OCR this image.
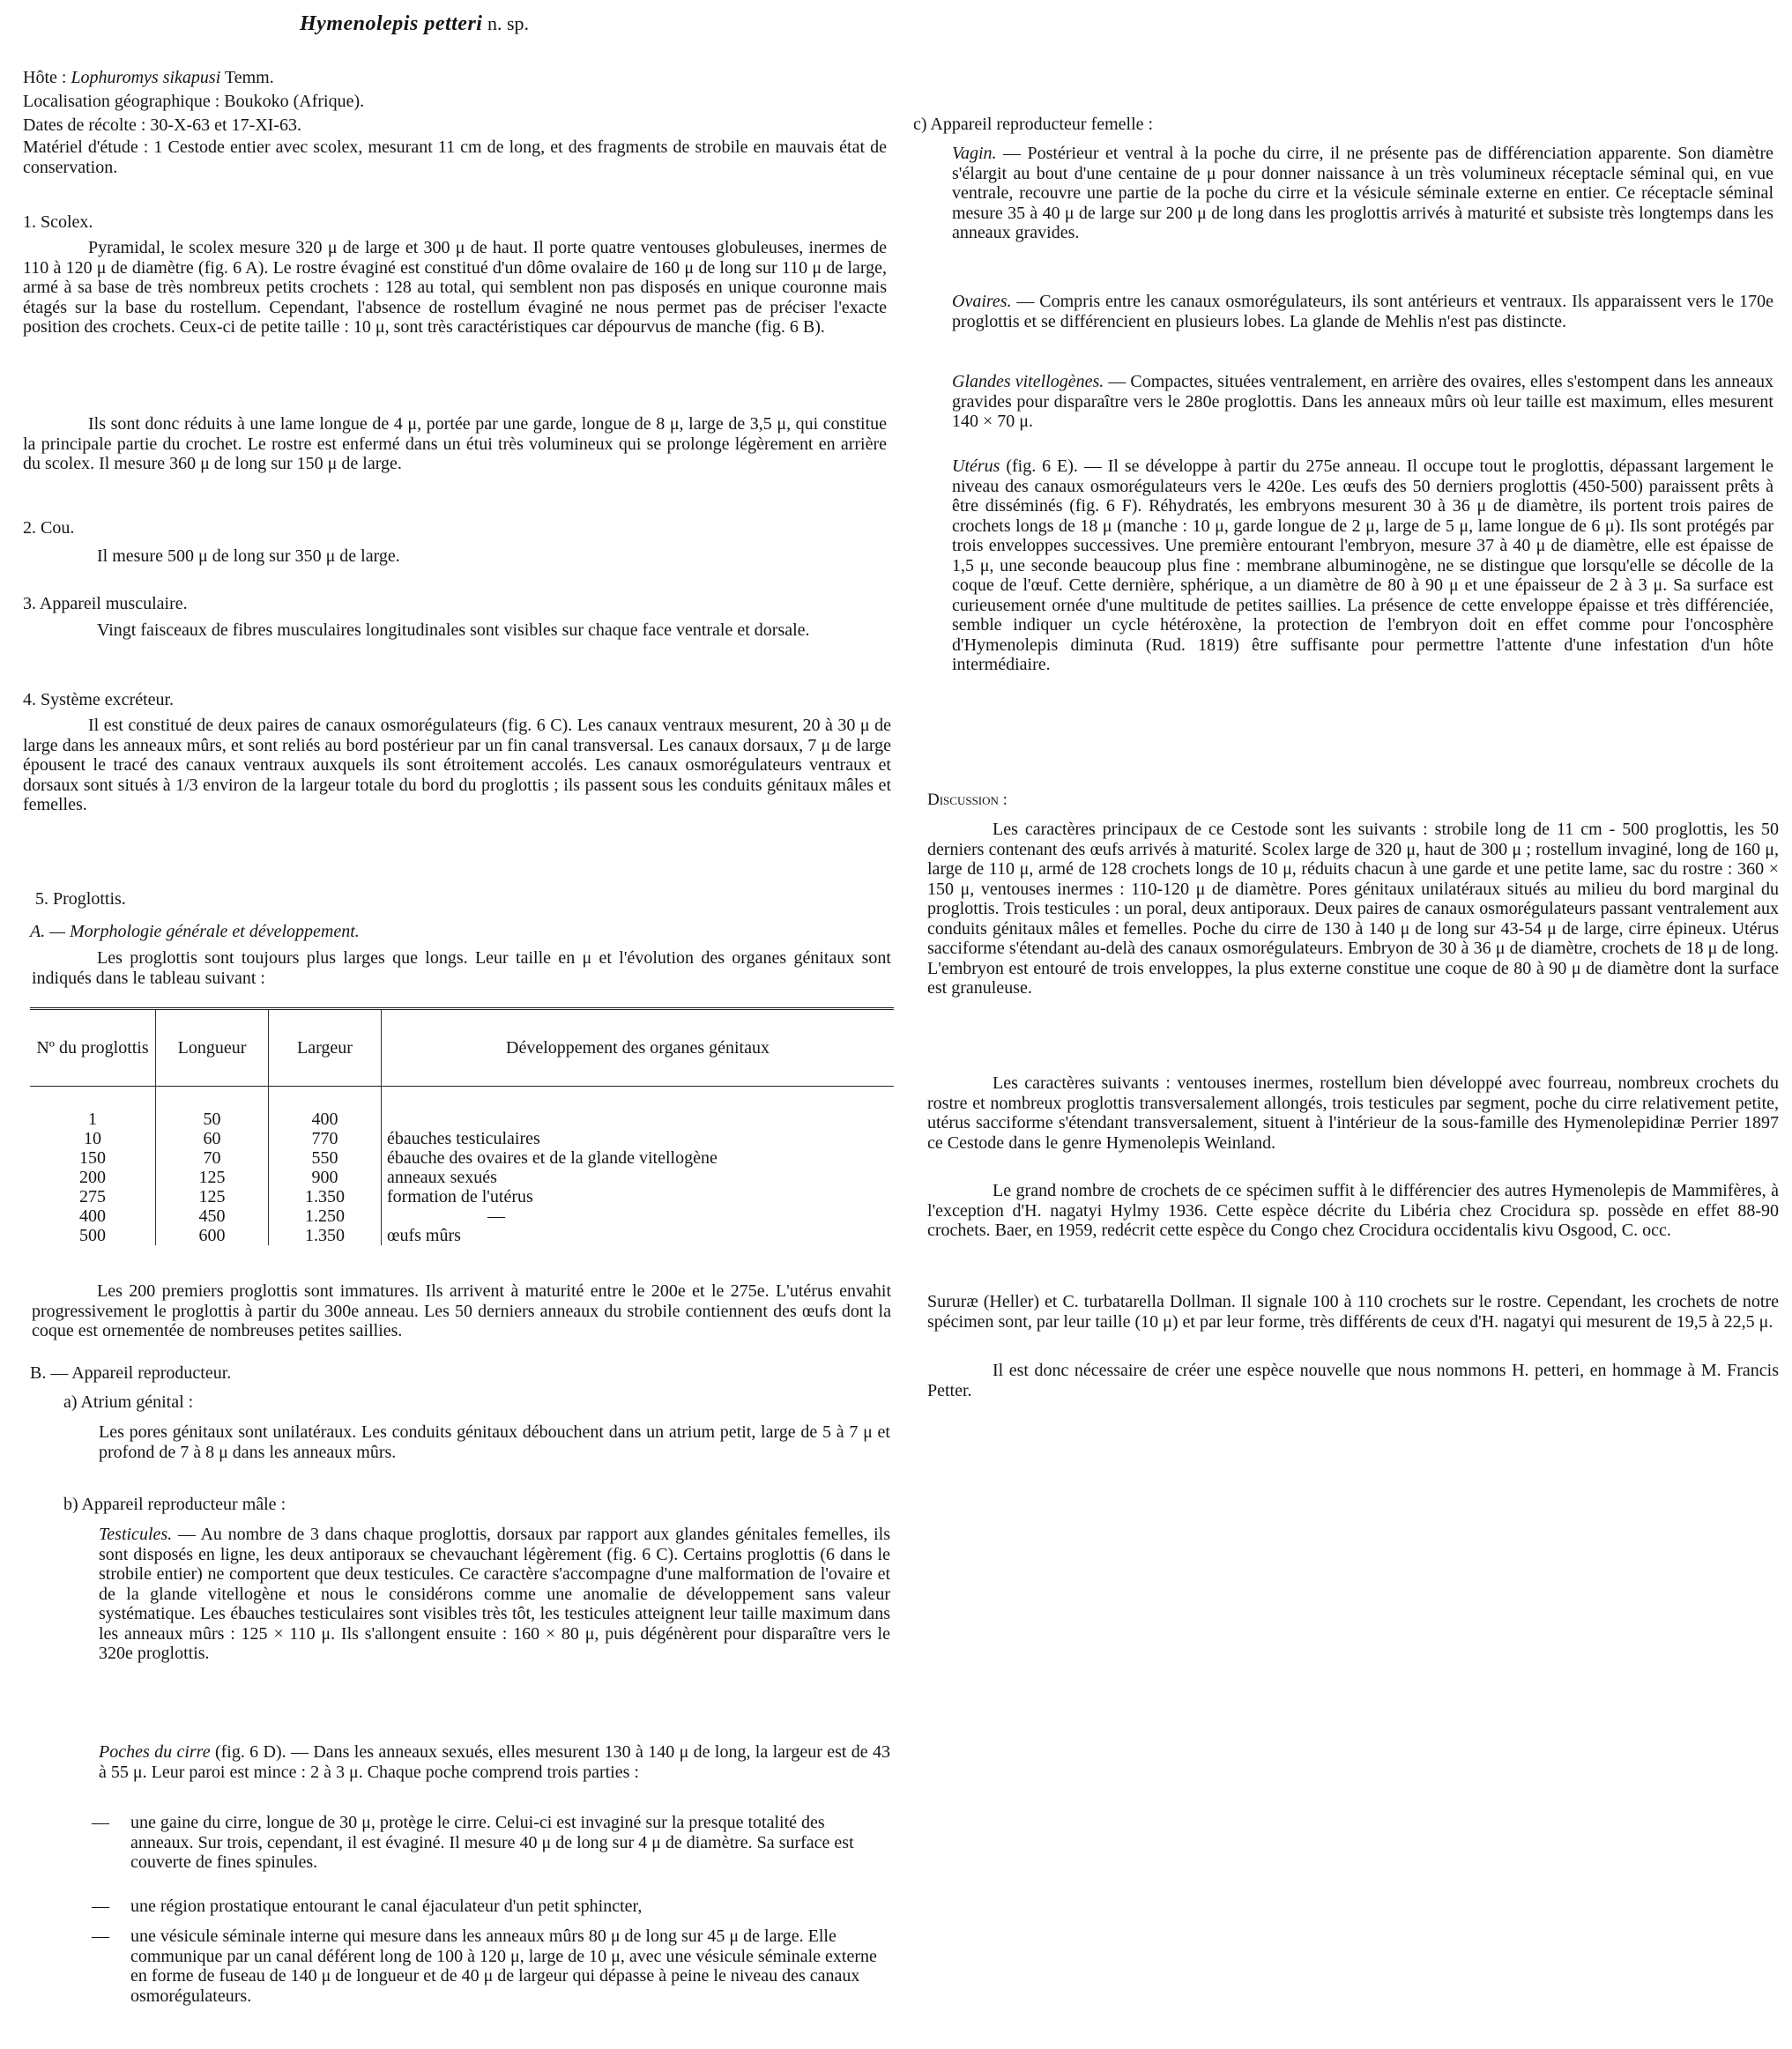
Hymenolepis petteri n. sp.

Hôte : Lophuromys sikapusi Temm.

Localisation géographique : Boukoko (Afrique).

Dates de récolte : 30-X-63 et 17-XI-63.

Matériel d'étude : 1 Cestode entier avec scolex, mesurant 11 cm de long, et des fragments de strobile en mauvais état de conservation.

1. Scolex.

Pyramidal, le scolex mesure 320 μ de large et 300 μ de haut. Il porte quatre ventouses globuleuses, inermes de 110 à 120 μ de diamètre (fig. 6 A). Le rostre évaginé est constitué d'un dôme ovalaire de 160 μ de long sur 110 μ de large, armé à sa base de très nombreux petits crochets : 128 au total, qui semblent non pas disposés en unique couronne mais étagés sur la base du rostellum. Cependant, l'absence de rostellum évaginé ne nous permet pas de préciser l'exacte position des crochets. Ceux-ci de petite taille : 10 μ, sont très caractéristiques car dépourvus de manche (fig. 6 B).

Ils sont donc réduits à une lame longue de 4 μ, portée par une garde, longue de 8 μ, large de 3,5 μ, qui constitue la principale partie du crochet. Le rostre est enfermé dans un étui très volumineux qui se prolonge légèrement en arrière du scolex. Il mesure 360 μ de long sur 150 μ de large.

2. Cou.

Il mesure 500 μ de long sur 350 μ de large.

3. Appareil musculaire.

Vingt faisceaux de fibres musculaires longitudinales sont visibles sur chaque face ventrale et dorsale.

4. Système excréteur.

Il est constitué de deux paires de canaux osmorégulateurs (fig. 6 C). Les canaux ventraux mesurent, 20 à 30 μ de large dans les anneaux mûrs, et sont reliés au bord postérieur par un fin canal transversal. Les canaux dorsaux, 7 μ de large épousent le tracé des canaux ventraux auxquels ils sont étroitement accolés. Les canaux osmorégulateurs ventraux et dorsaux sont situés à 1/3 environ de la largeur totale du bord du proglottis ; ils passent sous les conduits génitaux mâles et femelles.

5. Proglottis.

A. — Morphologie générale et développement.

Les proglottis sont toujours plus larges que longs. Leur taille en μ et l'évolution des organes génitaux sont indiqués dans le tableau suivant :

Nº du proglottis	Longueur	Largeur	Développement des organes génitaux

1	50	400	
10	60	770	ébauches testiculaires
150	70	550	ébauche des ovaires et de la glande vitellogène
200	125	900	anneaux sexués
275	125	1.350	formation de l'utérus
400	450	1.250	—
500	600	1.350	œufs mûrs

Les 200 premiers proglottis sont immatures. Ils arrivent à maturité entre le 200e et le 275e. L'utérus envahit progressivement le proglottis à partir du 300e anneau. Les 50 derniers anneaux du strobile contiennent des œufs dont la coque est ornementée de nombreuses petites saillies.

B. — Appareil reproducteur.

a) Atrium génital :

Les pores génitaux sont unilatéraux. Les conduits génitaux débouchent dans un atrium petit, large de 5 à 7 μ et profond de 7 à 8 μ dans les anneaux mûrs.

b) Appareil reproducteur mâle :

Testicules. — Au nombre de 3 dans chaque proglottis, dorsaux par rapport aux glandes génitales femelles, ils sont disposés en ligne, les deux antiporaux se chevauchant légèrement (fig. 6 C). Certains proglottis (6 dans le strobile entier) ne comportent que deux testicules. Ce caractère s'accompagne d'une malformation de l'ovaire et de la glande vitellogène et nous le considérons comme une anomalie de développement sans valeur systématique. Les ébauches testiculaires sont visibles très tôt, les testicules atteignent leur taille maximum dans les anneaux mûrs : 125 × 110 μ. Ils s'allongent ensuite : 160 × 80 μ, puis dégénèrent pour disparaître vers le 320e proglottis.

Poches du cirre (fig. 6 D). — Dans les anneaux sexués, elles mesurent 130 à 140 μ de long, la largeur est de 43 à 55 μ. Leur paroi est mince : 2 à 3 μ. Chaque poche comprend trois parties :

— une gaine du cirre, longue de 30 μ, protège le cirre. Celui-ci est invaginé sur la presque totalité des anneaux. Sur trois, cependant, il est évaginé. Il mesure 40 μ de long sur 4 μ de diamètre. Sa surface est couverte de fines spinules.

— une région prostatique entourant le canal éjaculateur d'un petit sphincter,

— une vésicule séminale interne qui mesure dans les anneaux mûrs 80 μ de long sur 45 μ de large. Elle communique par un canal déférent long de 100 à 120 μ, large de 10 μ, avec une vésicule séminale externe en forme de fuseau de 140 μ de longueur et de 40 μ de largeur qui dépasse à peine le niveau des canaux osmorégulateurs.

c) Appareil reproducteur femelle :

Vagin. — Postérieur et ventral à la poche du cirre, il ne présente pas de différenciation apparente. Son diamètre s'élargit au bout d'une centaine de μ pour donner naissance à un très volumineux réceptacle séminal qui, en vue ventrale, recouvre une partie de la poche du cirre et la vésicule séminale externe en entier. Ce réceptacle séminal mesure 35 à 40 μ de large sur 200 μ de long dans les proglottis arrivés à maturité et subsiste très longtemps dans les anneaux gravides.

Ovaires. — Compris entre les canaux osmorégulateurs, ils sont antérieurs et ventraux. Ils apparaissent vers le 170e proglottis et se différencient en plusieurs lobes. La glande de Mehlis n'est pas distincte.

Glandes vitellogènes. — Compactes, situées ventralement, en arrière des ovaires, elles s'estompent dans les anneaux gravides pour disparaître vers le 280e proglottis. Dans les anneaux mûrs où leur taille est maximum, elles mesurent 140 × 70 μ.

Utérus (fig. 6 E). — Il se développe à partir du 275e anneau. Il occupe tout le proglottis, dépassant largement le niveau des canaux osmorégulateurs vers le 420e. Les œufs des 50 derniers proglottis (450-500) paraissent prêts à être disséminés (fig. 6 F). Réhydratés, les embryons mesurent 30 à 36 μ de diamètre, ils portent trois paires de crochets longs de 18 μ (manche : 10 μ, garde longue de 2 μ, large de 5 μ, lame longue de 6 μ). Ils sont protégés par trois enveloppes successives. Une première entourant l'embryon, mesure 37 à 40 μ de diamètre, elle est épaisse de 1,5 μ, une seconde beaucoup plus fine : membrane albuminogène, ne se distingue que lorsqu'elle se décolle de la coque de l'œuf. Cette dernière, sphérique, a un diamètre de 80 à 90 μ et une épaisseur de 2 à 3 μ. Sa surface est curieusement ornée d'une multitude de petites saillies. La présence de cette enveloppe épaisse et très différenciée, semble indiquer un cycle hétéroxène, la protection de l'embryon doit en effet comme pour l'oncosphère d'Hymenolepis diminuta (Rud. 1819) être suffisante pour permettre l'attente d'une infestation d'un hôte intermédiaire.

Discussion :

Les caractères principaux de ce Cestode sont les suivants : strobile long de 11 cm - 500 proglottis, les 50 derniers contenant des œufs arrivés à maturité. Scolex large de 320 μ, haut de 300 μ ; rostellum invaginé, long de 160 μ, large de 110 μ, armé de 128 crochets longs de 10 μ, réduits chacun à une garde et une petite lame, sac du rostre : 360 × 150 μ, ventouses inermes : 110-120 μ de diamètre. Pores génitaux unilatéraux situés au milieu du bord marginal du proglottis. Trois testicules : un poral, deux antiporaux. Deux paires de canaux osmorégulateurs passant ventralement aux conduits génitaux mâles et femelles. Poche du cirre de 130 à 140 μ de long sur 43-54 μ de large, cirre épineux. Utérus sacciforme s'étendant au-delà des canaux osmorégulateurs. Embryon de 30 à 36 μ de diamètre, crochets de 18 μ de long. L'embryon est entouré de trois enveloppes, la plus externe constitue une coque de 80 à 90 μ de diamètre dont la surface est granuleuse.

Les caractères suivants : ventouses inermes, rostellum bien développé avec fourreau, nombreux crochets du rostre et nombreux proglottis transversalement allongés, trois testicules par segment, poche du cirre relativement petite, utérus sacciforme s'étendant transversalement, situent à l'intérieur de la sous-famille des Hymenolepidinæ Perrier 1897 ce Cestode dans le genre Hymenolepis Weinland.

Le grand nombre de crochets de ce spécimen suffit à le différencier des autres Hymenolepis de Mammifères, à l'exception d'H. nagatyi Hylmy 1936. Cette espèce décrite du Libéria chez Crocidura sp. possède en effet 88-90 crochets. Baer, en 1959, redécrit cette espèce du Congo chez Crocidura occidentalis kivu Osgood, C. occ.

Sururæ (Heller) et C. turbatarella Dollman. Il signale 100 à 110 crochets sur le rostre. Cependant, les crochets de notre spécimen sont, par leur taille (10 μ) et par leur forme, très différents de ceux d'H. nagatyi qui mesurent de 19,5 à 22,5 μ.

Il est donc nécessaire de créer une espèce nouvelle que nous nommons H. petteri, en hommage à M. Francis Petter.
